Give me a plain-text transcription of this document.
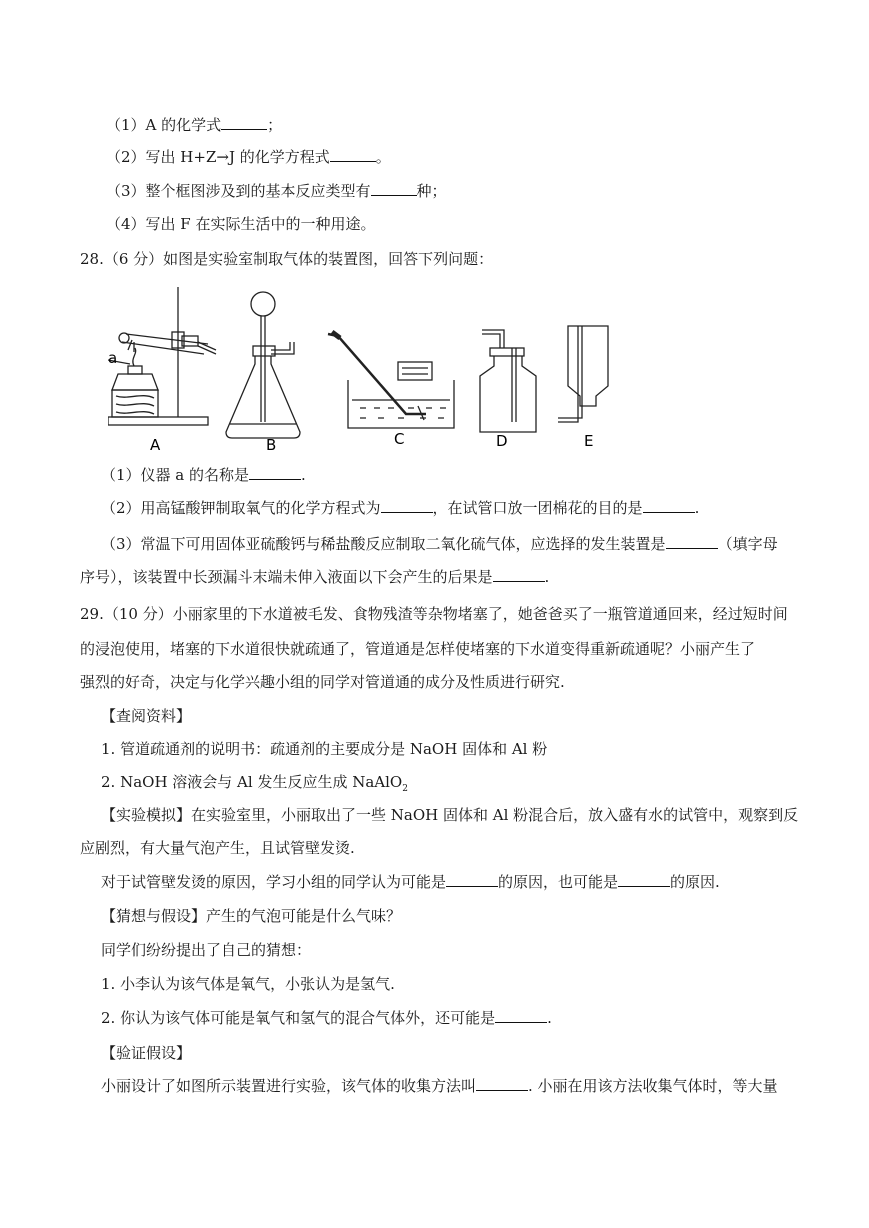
（1）A 的化学式	；
（2）写出 H+Z→J 的化学方程式	。
（3）整个框图涉及到的基本反应类型有	种；
（4）写出 F 在实际生活中的一种用途。
28.（6 分）如图是实验室制取气体的装置图，回答下列问题：
a
A	B	C	D	E
（1）仪器 a 的名称是	.
（2）用高锰酸钾制取氧气的化学方程式为	，在试管口放一团棉花的目的是	.
（3）常温下可用固体亚硫酸钙与稀盐酸反应制取二氧化硫气体，应选择的发生装置是	（填字母
序号），该装置中长颈漏斗末端未伸入液面以下会产生的后果是	.
29.（10 分）小丽家里的下水道被毛发、食物残渣等杂物堵塞了，她爸爸买了一瓶管道通回来，经过短时间
的浸泡使用，堵塞的下水道很快就疏通了，管道通是怎样使堵塞的下水道变得重新疏通呢？小丽产生了
强烈的好奇，决定与化学兴趣小组的同学对管道通的成分及性质进行研究.
【查阅资料】
1. 管道疏通剂的说明书：疏通剂的主要成分是 NaOH 固体和 Al 粉
2. NaOH 溶液会与 Al 发生反应生成 NaAlO$_2$
【实验模拟】在实验室里，小丽取出了一些 NaOH 固体和 Al 粉混合后，放入盛有水的试管中，观察到反
应剧烈，有大量气泡产生，且试管壁发烫.
对于试管壁发烫的原因，学习小组的同学认为可能是	的原因，也可能是	的原因.
【猜想与假设】产生的气泡可能是什么气味？
同学们纷纷提出了自己的猜想：
1. 小李认为该气体是氧气，小张认为是氢气.
2. 你认为该气体可能是氧气和氢气的混合气体外，还可能是	.
【验证假设】
小丽设计了如图所示装置进行实验，该气体的收集方法叫	. 小丽在用该方法收集气体时，等大量
